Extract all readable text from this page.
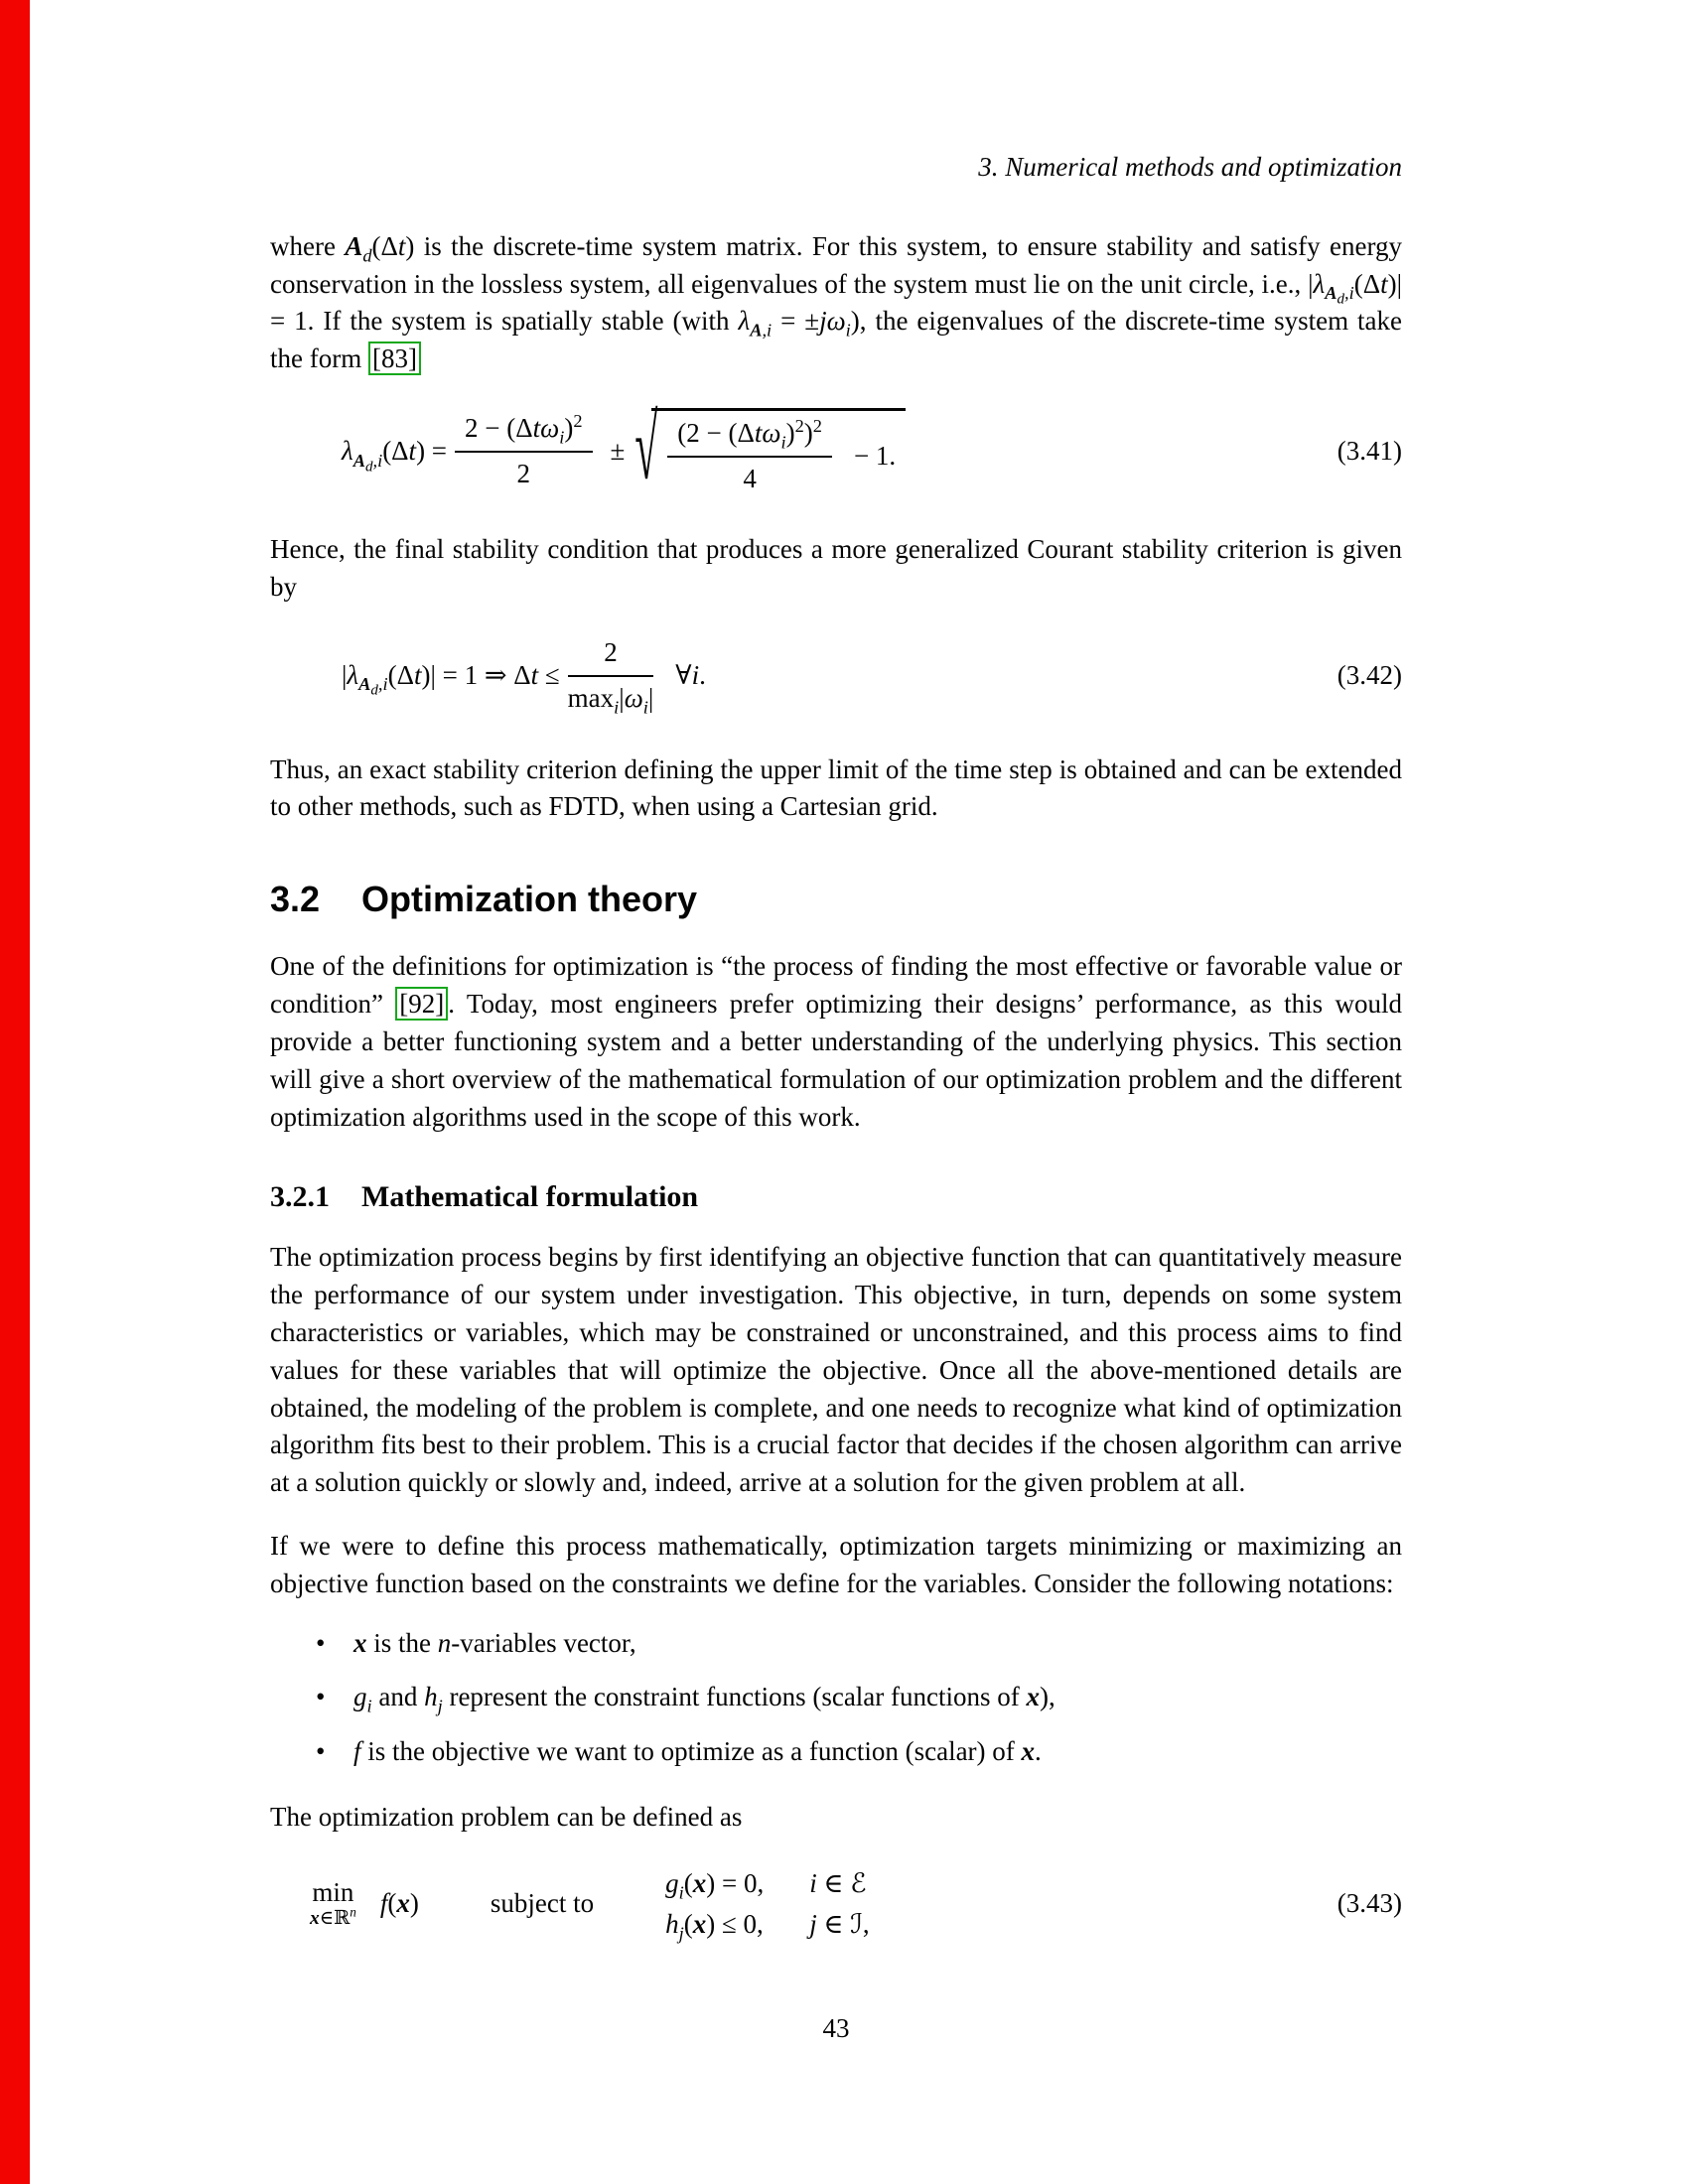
3. Numerical methods and optimization

where $A_d(\Delta t)$ is the discrete-time system matrix. For this system, to ensure stability and satisfy energy conservation in the lossless system, all eigenvalues of the system must lie on the unit circle, i.e., $|\lambda_{A_d,i}(\Delta t)| = 1$. If the system is spatially stable (with $\lambda_{A,i} = \pm j\omega_i$), the eigenvalues of the discrete-time system take the form [83]

$\lambda_{A_d,i}(\Delta t) = \frac{2 - (\Delta t\omega_i)^2}{2}$ ± √ $\frac{(2 - (\Delta t\omega_i)^2)^2}{4} - 1$.	(3.41)

Hence, the final stability condition that produces a more generalized Courant stability criterion is given by

$|\lambda_{A_d,i}(\Delta t)| = 1$ ⇒ $\Delta t \le \frac{2}{\max_i|\omega_i|}$ ∀i.	(3.42)

Thus, an exact stability criterion defining the upper limit of the time step is obtained and can be extended to other methods, such as FDTD, when using a Cartesian grid.

3.2 Optimization theory

One of the definitions for optimization is “the process of finding the most effective or favorable value or condition” [92] . Today, most engineers prefer optimizing their designs’ performance, as this would provide a better functioning system and a better understanding of the underlying physics. This section will give a short overview of the mathematical formulation of our optimization problem and the different optimization algorithms used in the scope of this work.

3.2.1 Mathematical formulation

The optimization process begins by first identifying an objective function that can quantitatively measure the performance of our system under investigation. This objective, in turn, depends on some system characteristics or variables, which may be constrained or unconstrained, and this process aims to find values for these variables that will optimize the objective. Once all the above-mentioned details are obtained, the modeling of the problem is complete, and one needs to recognize what kind of optimization algorithm fits best to their problem. This is a crucial factor that decides if the chosen algorithm can arrive at a solution quickly or slowly and, indeed, arrive at a solution for the given problem at all.

If we were to define this process mathematically, optimization targets minimizing or maximizing an objective function based on the constraints we define for the variables. Consider the following notations:

•	x is the n-variables vector,
•	$g_i$ and $h_j$ represent the constraint functions (scalar functions of x),
•	f is the objective we want to optimize as a function (scalar) of x.

The optimization problem can be defined as

min
x∈ℝ$^n$ f(x)	subject to
$g_i(x) = 0$, i ∈ ℰ
$h_j(x) \le 0$, j ∈ ℐ,
(3.43)
43
